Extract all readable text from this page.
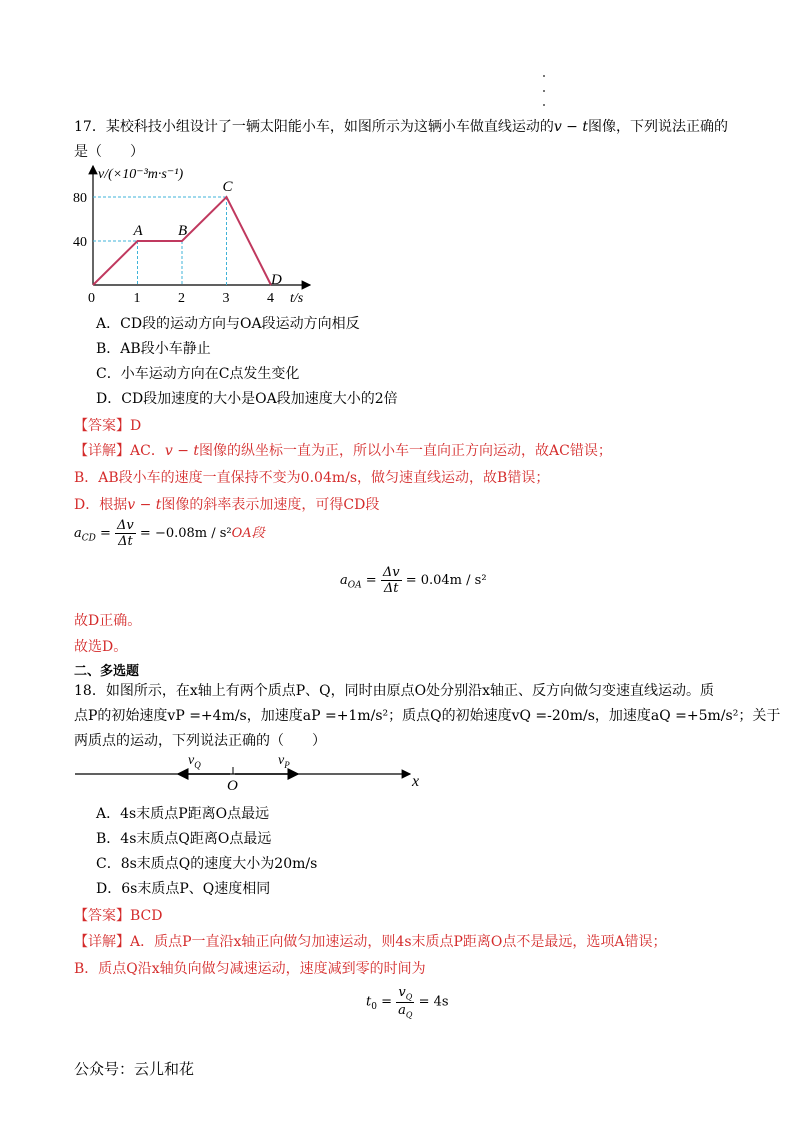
17．某校科技小组设计了一辆太阳能小车，如图所示为这辆小车做直线运动的v − t图像，下列说法正确的
是（　　）
1	2	3	4
40
80
A B
C
D
v/(×10⁻³m·s⁻¹)
t/s
0
A．CD段的运动方向与OA段运动方向相反
B．AB段小车静止
C．小车运动方向在C点发生变化
D．CD段加速度的大小是OA段加速度大小的2倍
【答案】D
【详解】AC．v − t图像的纵坐标一直为正，所以小车一直向正方向运动，故AC错误；
B．AB段小车的速度一直保持不变为0.04m/s，做匀速直线运动，故B错误；
D．根据v − t图像的斜率表示加速度，可得CD段
$a_{CD} = \frac{\Delta v}{\Delta t} = -0.08m / s^2OA$段
$a_{OA} = \frac{\Delta v}{\Delta t} = 0.04m / s^2$
故D正确。
故选D。
二、多选题
18．如图所示，在x轴上有两个质点P、Q，同时由原点O处分别沿x轴正、反方向做匀变速直线运动。质
点P的初始速度vP =+4m/s，加速度aP =+1m/s²；质点Q的初始速度vQ =-20m/s，加速度aQ =+5m/s²；关于
两质点的运动，下列说法正确的（　　）
$v_Q$	$v_P$
O	x
A．4s末质点P距离O点最远
B．4s末质点Q距离O点最远
C．8s末质点Q的速度大小为20m/s
D．6s末质点P、Q速度相同
【答案】BCD
【详解】A．质点P一直沿x轴正向做匀加速运动，则4s末质点P距离O点不是最远，选项A错误；
B．质点Q沿x轴负向做匀减速运动，速度减到零的时间为
$t_0 = \frac{v_Q}{a_Q} = 4s$
公众号：云儿和花
